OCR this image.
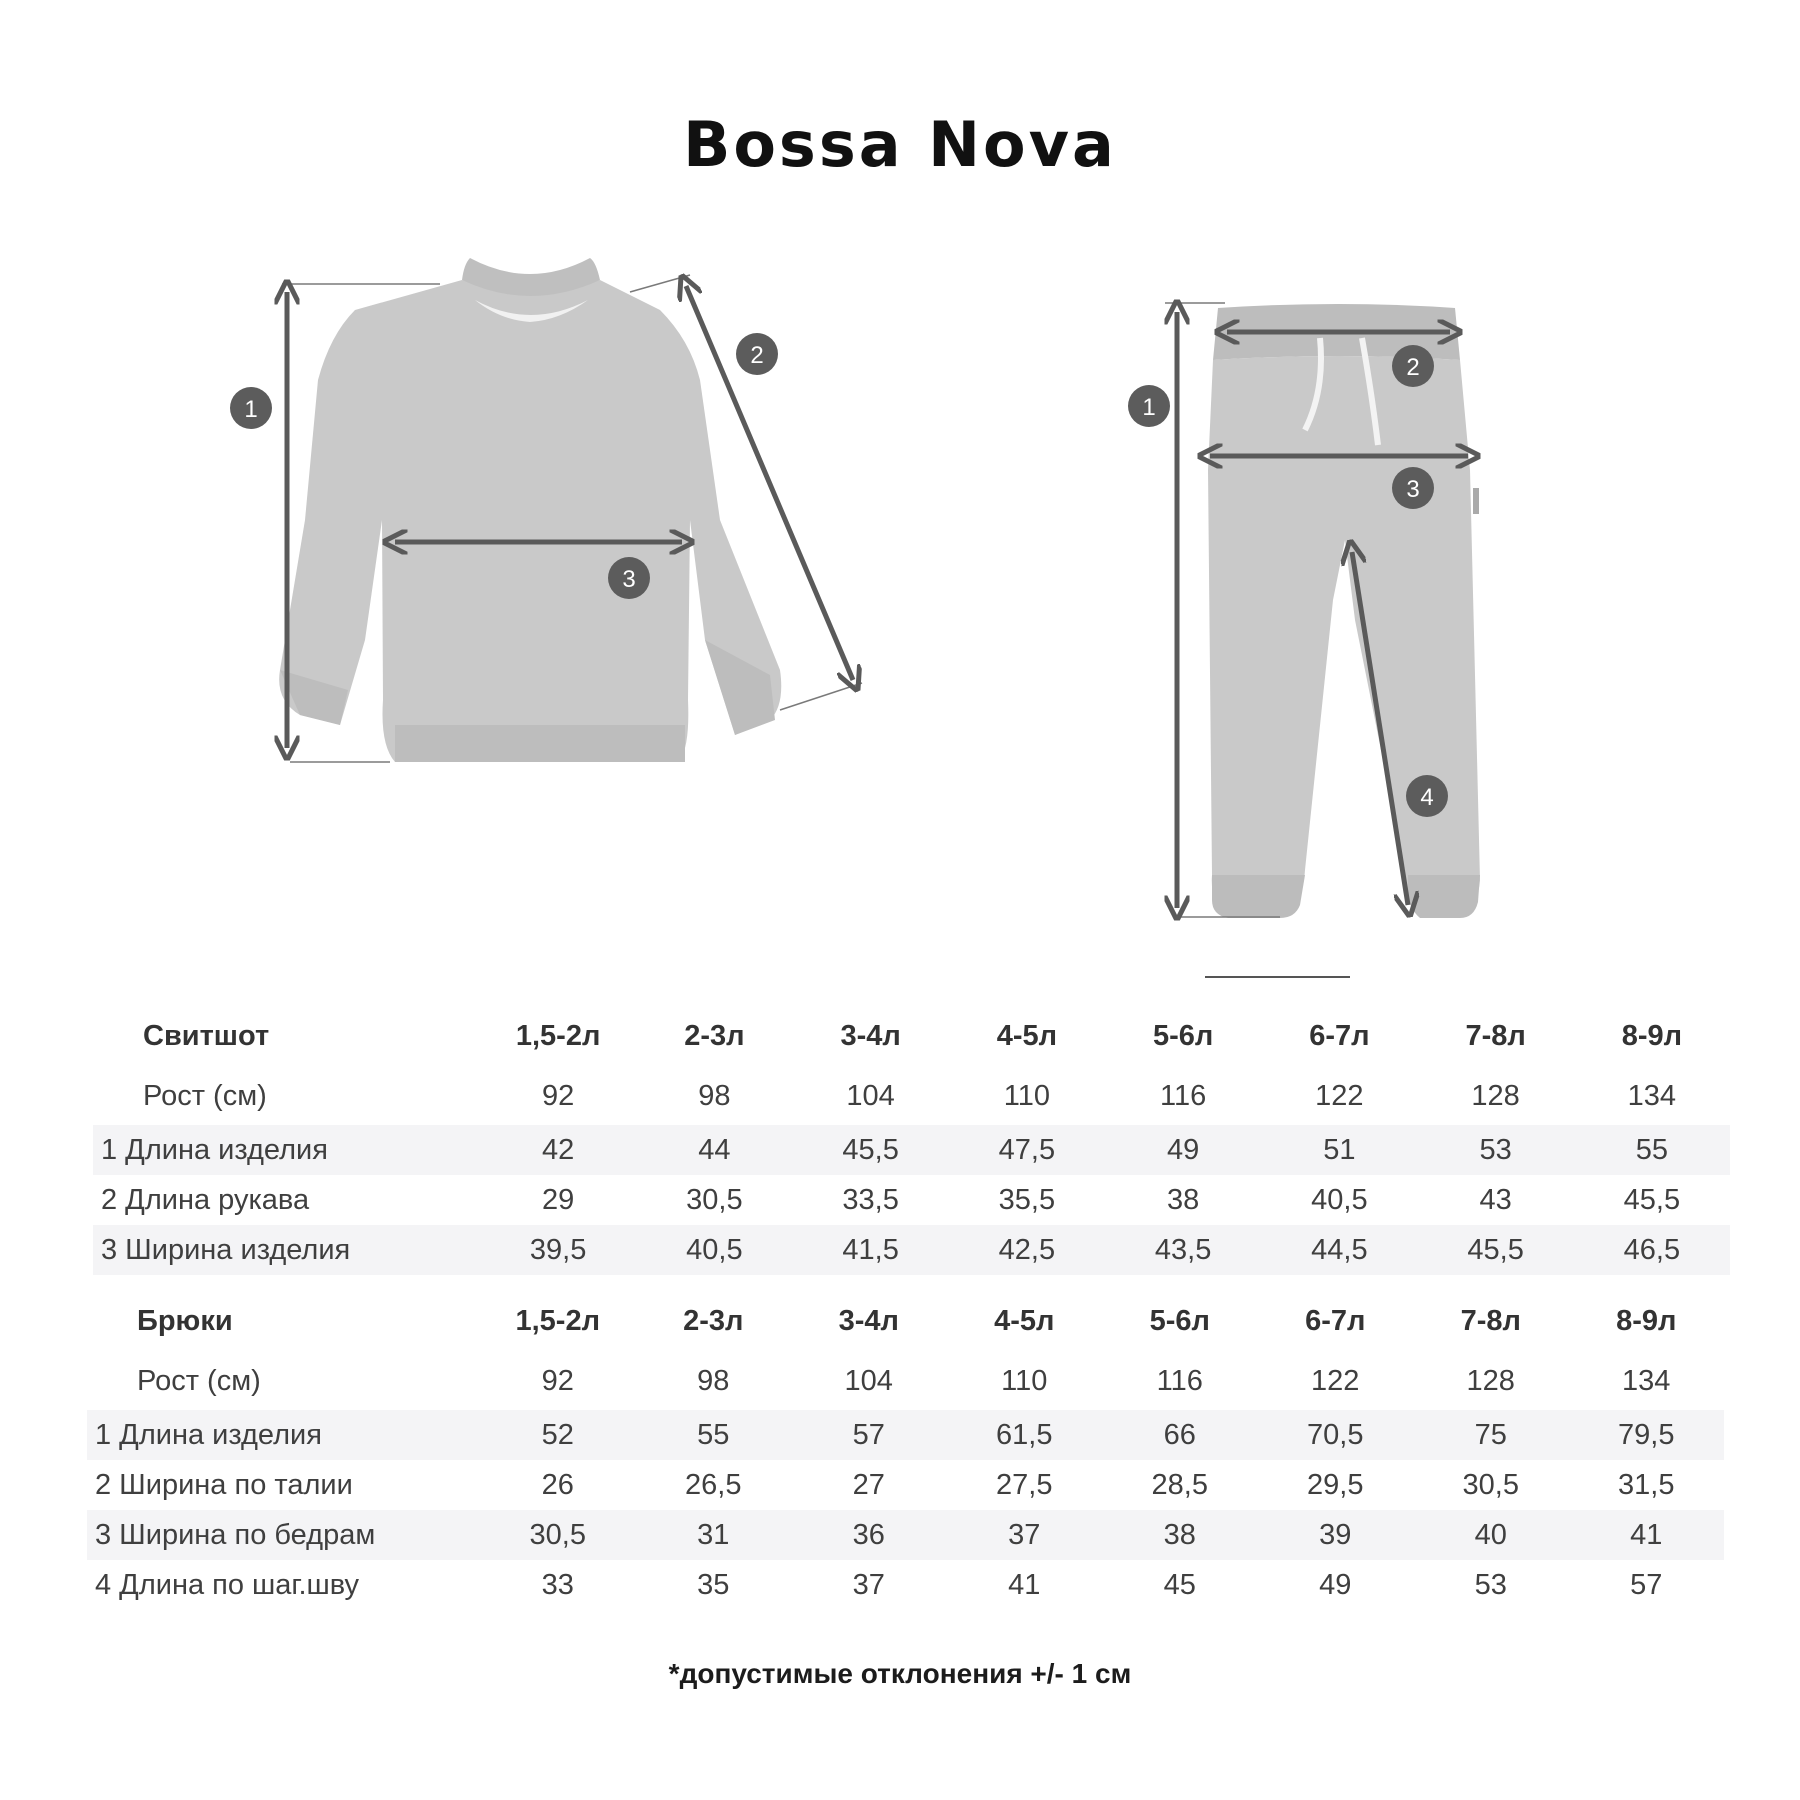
Bossa Nova
1
2
3
1
2
3
4
Свитшот	1,5-2л	2-3л	3-4л	4-5л	5-6л	6-7л	7-8л	8-9л
Рост (см)	92	98	104	110	116	122	128	134
1 Длина изделия	42	44	45,5	47,5	49	51	53	55
2 Длина рукава	29	30,5	33,5	35,5	38	40,5	43	45,5
3 Ширина изделия	39,5	40,5	41,5	42,5	43,5	44,5	45,5	46,5
Брюки	1,5-2л	2-3л	3-4л	4-5л	5-6л	6-7л	7-8л	8-9л
Рост (см)	92	98	104	110	116	122	128	134
1 Длина изделия	52	55	57	61,5	66	70,5	75	79,5
2 Ширина по талии	26	26,5	27	27,5	28,5	29,5	30,5	31,5
3 Ширина по бедрам	30,5	31	36	37	38	39	40	41
4 Длина по шаг.шву	33	35	37	41	45	49	53	57
*допустимые отклонения +/- 1 см
